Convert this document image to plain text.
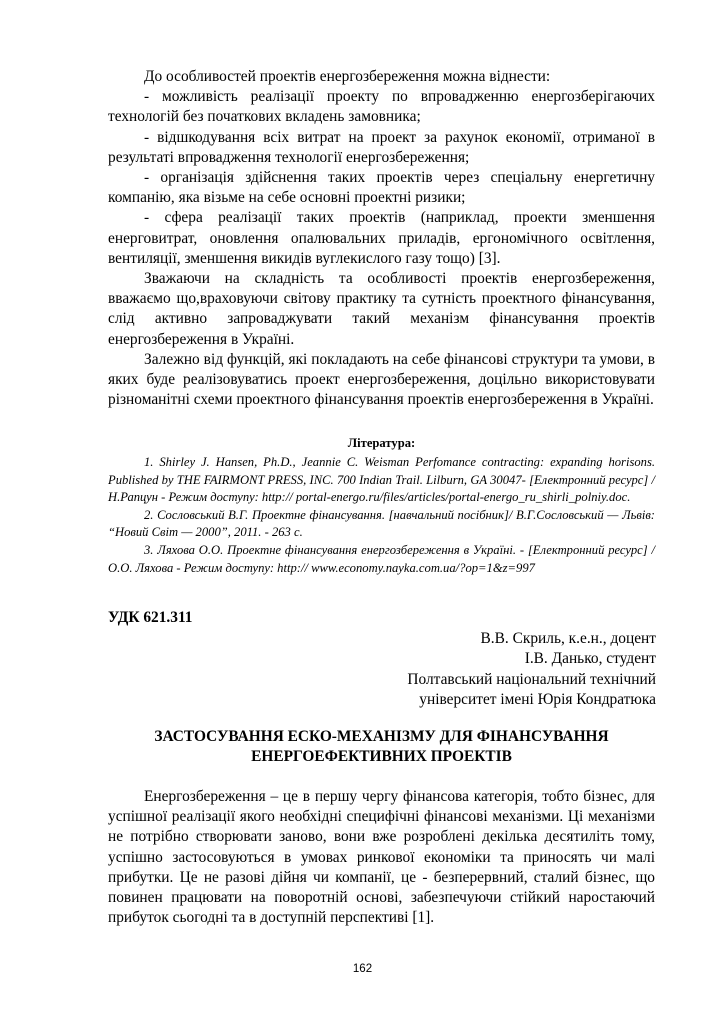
До особливостей проектів енергозбереження можна віднести:

- можливість реалізації проекту по впровадженню енергозберігаючих технологій без початкових вкладень замовника;

- відшкодування всіх витрат на проект за рахунок економії, отриманої в результаті впровадження технології енергозбереження;

- організація здійснення таких проектів через спеціальну енергетичну компанію, яка візьме на себе основні проектні ризики;

- сфера реалізації таких проектів (наприклад, проекти зменшення енерговитрат, оновлення опалювальних приладів, ергономічного освітлення, вентиляції, зменшення викидів вуглекислого газу тощо) [3].

Зважаючи на складність та особливості проектів енергозбереження, вважаємо що,враховуючи світову практику та сутність проектного фінансування, слід активно запроваджувати такий механізм фінансування проектів енергозбереження в Україні.

Залежно від функцій, які покладають на себе фінансові структури та умови, в яких буде реалізовуватись проект енергозбереження, доцільно використовувати різноманітні схеми проектного фінансування проектів енергозбереження в Україні.

Література:

1. Shirley J. Hansen, Ph.D., Jeannie C. Weisman Perfomance contracting: expanding horisons. Published by THE FAIRMONT PRESS, INC. 700 Indian Trail. Lilburn, GA 30047- [Електронний ресурс] / Н.Рапцун - Режим доступу: http:// portal-energo.ru/files/articles/portal-energo_ru_shirli_polniy.doc.

2. Сословський В.Г. Проектне фінансування. [навчальний посібник]/ В.Г.Сословський — Львів: “Новий Світ — 2000”, 2011. - 263 с.

3. Ляхова О.О. Проектне фінансування енергозбереження в Україні. - [Електронний ресурс] / О.О. Ляхова - Режим доступу: http:// www.economy.nayka.com.ua/?op=1&z=997

УДК 621.311
В.В. Скриль, к.е.н., доцент
І.В. Данько, студент
Полтавський національний технічний
університет імені Юрія Кондратюка
ЗАСТОСУВАННЯ ЕСКО-МЕХАНІЗМУ ДЛЯ ФІНАНСУВАННЯ
ЕНЕРГОЕФЕКТИВНИХ ПРОЕКТІВ

Енергозбереження – це в першу чергу фінансова категорія, тобто бізнес, для успішної реалізації якого необхідні специфічні фінансові механізми. Ці механізми не потрібно створювати заново, вони вже розроблені декілька десятиліть тому, успішно застосовуються в умовах ринкової економіки та приносять чи малі прибутки. Це не разові дійня чи компанії, це - безперервний, сталий бізнес, що повинен працювати на поворотній основі, забезпечуючи стійкий наростаючий прибуток сьогодні та в доступній перспективі [1].

162
